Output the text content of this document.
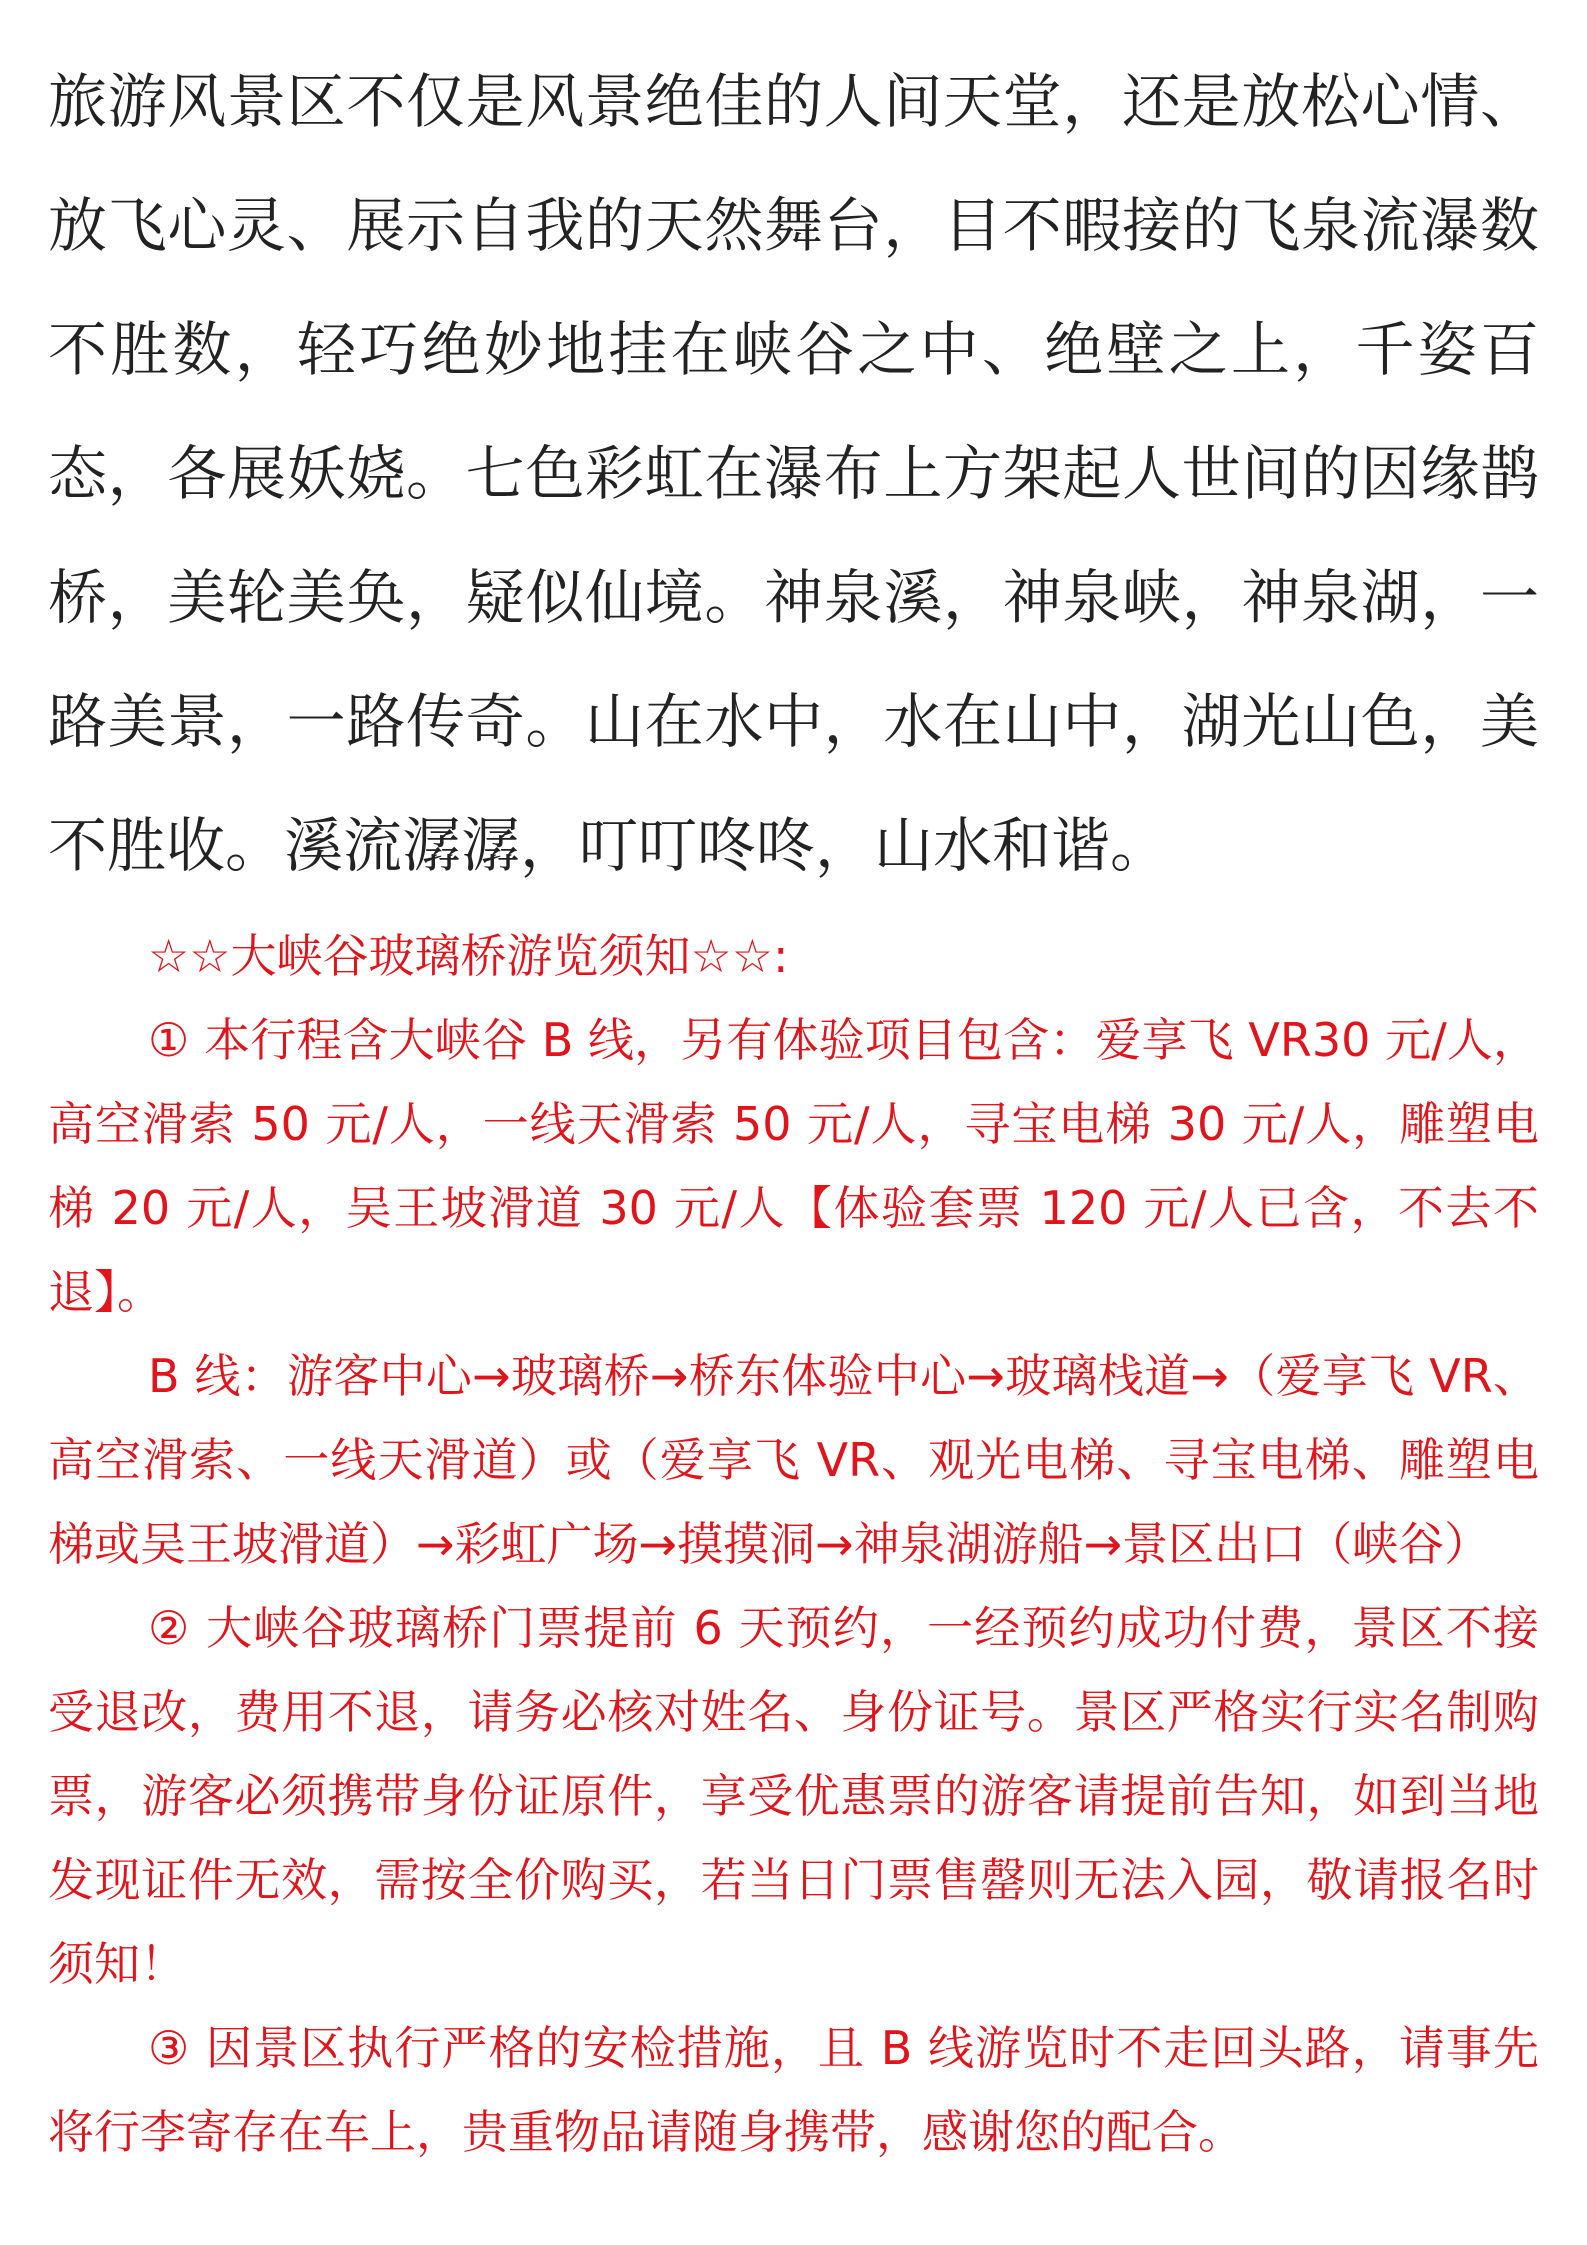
旅游风景区不仅是风景绝佳的人间天堂，还是放松心情、放飞心灵、展示自我的天然舞台，目不暇接的飞泉流瀑数不胜数，轻巧绝妙地挂在峡谷之中、绝壁之上，千姿百态，各展妖娆。七色彩虹在瀑布上方架起人世间的因缘鹊桥，美轮美奂，疑似仙境。神泉溪，神泉峡，神泉湖，一路美景，一路传奇。山在水中，水在山中，湖光山色，美不胜收。溪流潺潺，叮叮咚咚，山水和谐。

☆☆大峡谷玻璃桥游览须知☆☆:

① 本行程含大峡谷 B 线，另有体验项目包含：爱享飞 VR30 元/人，高空滑索 50 元/人，一线天滑索 50 元/人，寻宝电梯 30 元/人，雕塑电梯 20 元/人，吴王坡滑道 30 元/人【体验套票 120 元/人已含，不去不退】。

B 线：游客中心→玻璃桥→桥东体验中心→玻璃栈道→（爱享飞 VR、高空滑索、一线天滑道）或（爱享飞 VR、观光电梯、寻宝电梯、雕塑电梯或吴王坡滑道）→彩虹广场→摸摸洞→神泉湖游船→景区出口（峡谷）

② 大峡谷玻璃桥门票提前 6 天预约，一经预约成功付费，景区不接受退改，费用不退，请务必核对姓名、身份证号。景区严格实行实名制购票，游客必须携带身份证原件，享受优惠票的游客请提前告知，如到当地发现证件无效，需按全价购买，若当日门票售罄则无法入园，敬请报名时须知！

③ 因景区执行严格的安检措施，且 B 线游览时不走回头路，请事先将行李寄存在车上，贵重物品请随身携带，感谢您的配合。
